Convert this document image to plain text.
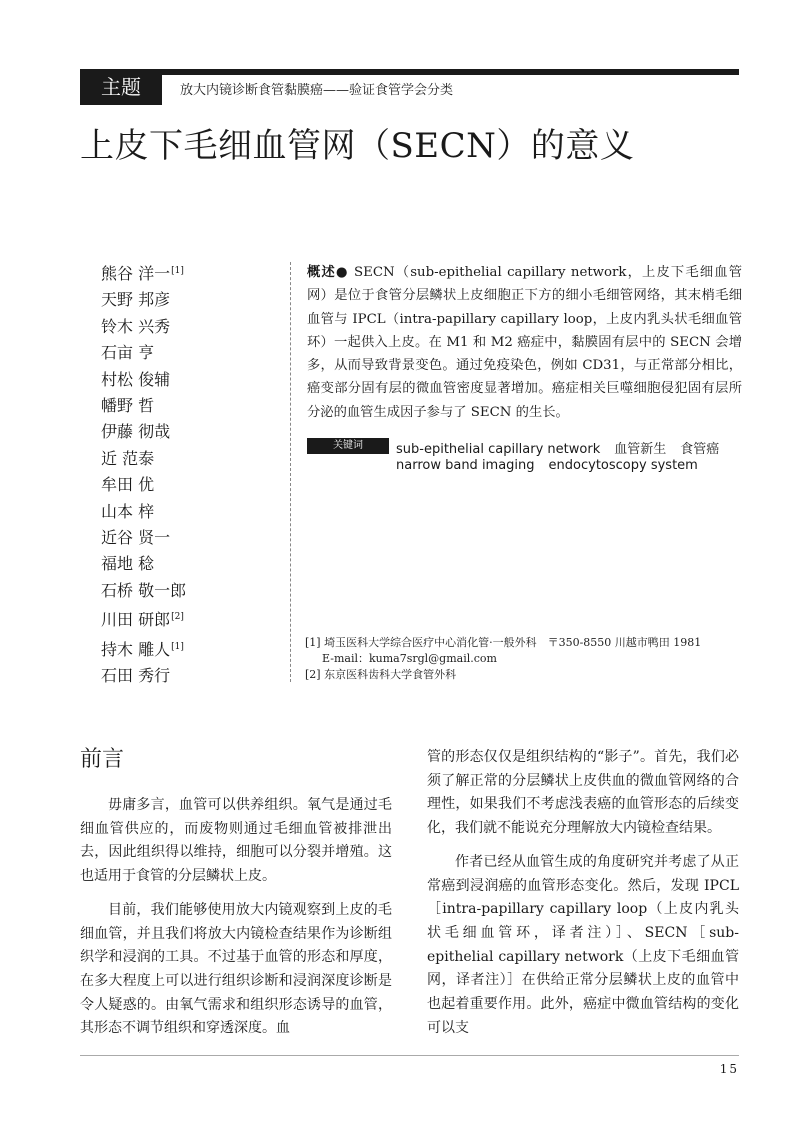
主题	放大内镜诊断食管黏膜癌——验证食管学会分类
上皮下毛细血管网（SECN）的意义
熊谷 洋一[1]
天野 邦彦
铃木 兴秀
石亩 亨
村松 俊辅
幡野 哲
伊藤 彻哉
近 范泰
牟田 优
山本 梓
近谷 贤一
福地 稔
石桥 敬一郎
川田 研郎[2]
持木 雕人[1]
石田 秀行

概述● SECN（sub-epithelial capillary network，上皮下毛细血管网）是位于食管分层鳞状上皮细胞正下方的细小毛细管网络，其末梢毛细血管与 IPCL（intra-papillary capillary loop，上皮内乳头状毛细血管环）一起供入上皮。在 M1 和 M2 癌症中，黏膜固有层中的 SECN 会增多，从而导致背景变色。通过免疫染色，例如 CD31，与正常部分相比，癌变部分固有层的微血管密度显著增加。癌症相关巨噬细胞侵犯固有层所分泌的血管生成因子参与了 SECN 的生长。

关键词	sub-epithelial capillary network 血管新生 食管癌
narrow band imaging endocytoscopy system
[1] 埼玉医科大学综合医疗中心消化管·一般外科　〒350-8550 川越市鸭田 1981
E-mail：kuma7srgl@gmail.com
[2] 东京医科齿科大学食管外科
前言

毋庸多言，血管可以供养组织。氧气是通过毛细血管供应的，而废物则通过毛细血管被排泄出去，因此组织得以维持，细胞可以分裂并增殖。这也适用于食管的分层鳞状上皮。

目前，我们能够使用放大内镜观察到上皮的毛细血管，并且我们将放大内镜检查结果作为诊断组织学和浸润的工具。不过基于血管的形态和厚度，在多大程度上可以进行组织诊断和浸润深度诊断是令人疑惑的。由氧气需求和组织形态诱导的血管，其形态不调节组织和穿透深度。血

管的形态仅仅是组织结构的“影子”。首先，我们必须了解正常的分层鳞状上皮供血的微血管网络的合理性，如果我们不考虑浅表癌的血管形态的后续变化，我们就不能说充分理解放大内镜检查结果。

作者已经从血管生成的角度研究并考虑了从正常癌到浸润癌的血管形态变化。然后，发现 IPCL［intra-papillary capillary loop（上皮内乳头状毛细血管环，译者注）］、SECN［sub-epithelial capillary network（上皮下毛细血管网，译者注）］在供给正常分层鳞状上皮的血管中也起着重要作用。此外，癌症中微血管结构的变化可以支

15
